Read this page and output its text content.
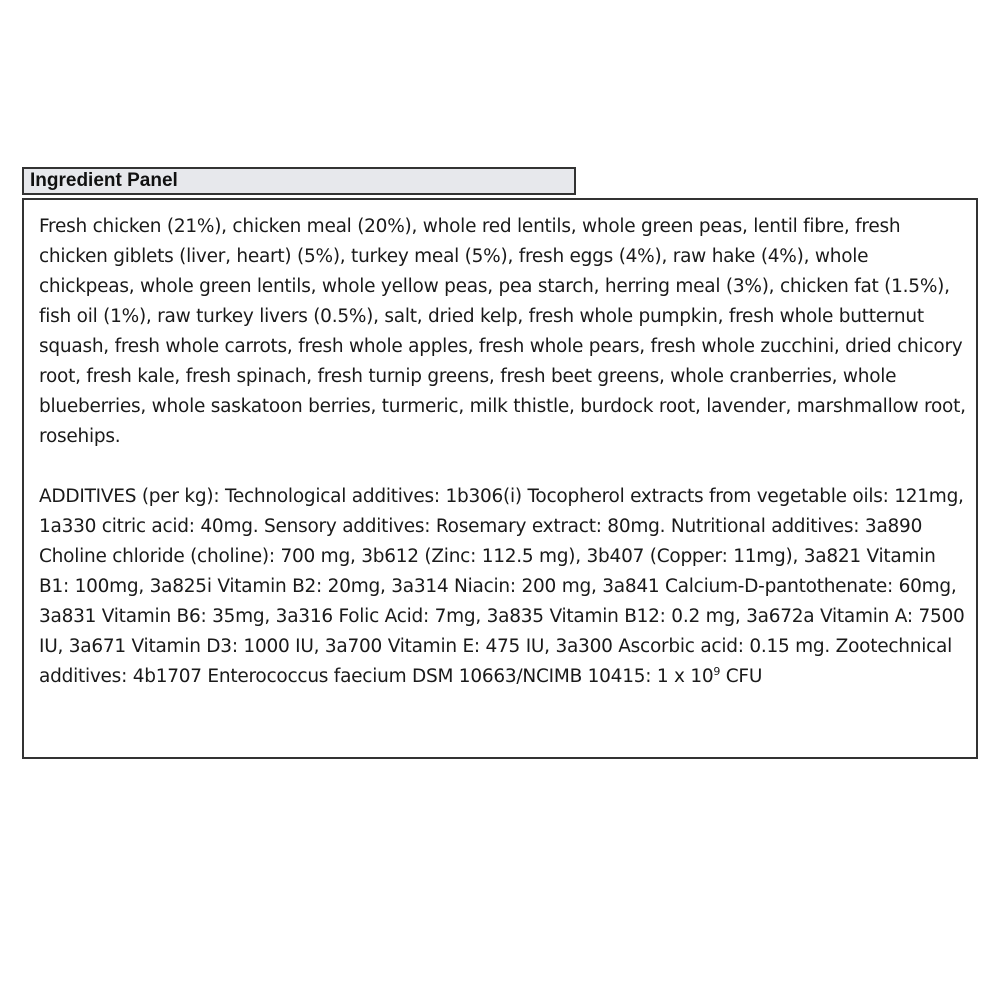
Ingredient Panel

Fresh chicken (21%), chicken meal (20%), whole red lentils, whole green peas, lentil fibre, fresh chicken giblets (liver, heart) (5%), turkey meal (5%), fresh eggs (4%), raw hake (4%), whole chickpeas, whole green lentils, whole yellow peas, pea starch, herring meal (3%), chicken fat (1.5%), fish oil (1%), raw turkey livers (0.5%), salt, dried kelp, fresh whole pumpkin, fresh whole butternut squash, fresh whole carrots, fresh whole apples, fresh whole pears, fresh whole zucchini, dried chicory root, fresh kale, fresh spinach, fresh turnip greens, fresh beet greens, whole cranberries, whole blueberries, whole saskatoon berries, turmeric, milk thistle, burdock root, lavender, marshmallow root, rosehips.

ADDITIVES (per kg): Technological additives: 1b306(i) Tocopherol extracts from vegetable oils: 121mg, 1a330 citric acid: 40mg. Sensory additives: Rosemary extract: 80mg. Nutritional additives: 3a890 Choline chloride (choline): 700 mg, 3b612 (Zinc: 112.5 mg), 3b407 (Copper: 11mg), 3a821 Vitamin B1: 100mg, 3a825i Vitamin B2: 20mg, 3a314 Niacin: 200 mg, 3a841 Calcium-D-pantothenate: 60mg, 3a831 Vitamin B6: 35mg, 3a316 Folic Acid: 7mg, 3a835 Vitamin B12: 0.2 mg, 3a672a Vitamin A: 7500 IU, 3a671 Vitamin D3: 1000 IU, 3a700 Vitamin E: 475 IU, 3a300 Ascorbic acid: 0.15 mg. Zootechnical additives: 4b1707 Enterococcus faecium DSM 10663/NCIMB 10415: 1 x $10^9$ CFU
